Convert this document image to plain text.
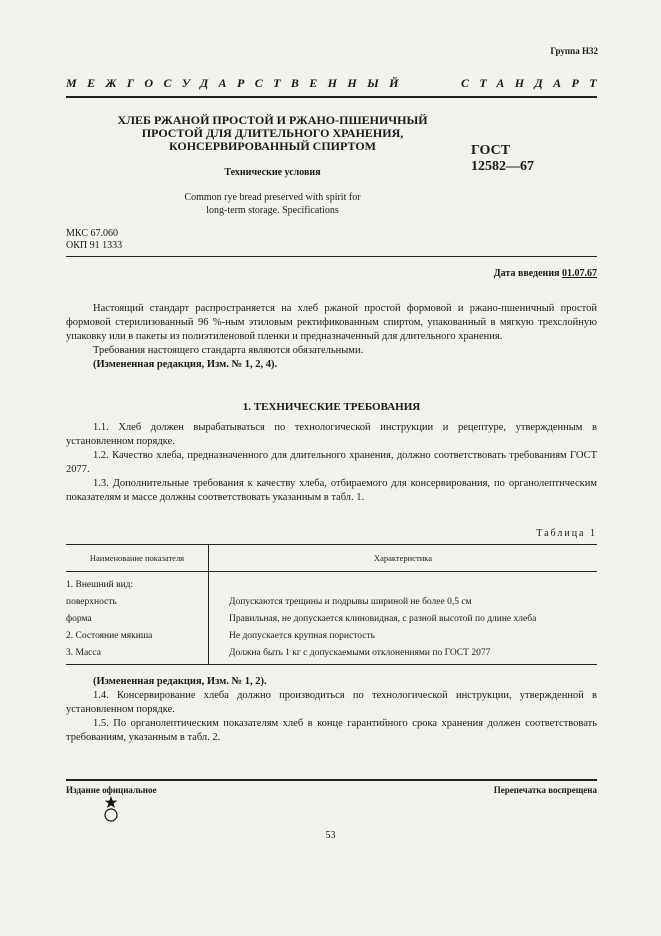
Группа Н32
МЕЖГОСУДАРСТВЕННЫЙ	СТАНДАРТ
ХЛЕБ РЖАНОЙ ПРОСТОЙ И РЖАНО-ПШЕНИЧНЫЙ
ПРОСТОЙ ДЛЯ ДЛИТЕЛЬНОГО ХРАНЕНИЯ,
КОНСЕРВИРОВАННЫЙ СПИРТОМ	ГОСТ
12582—67
Технические условия
Common rye bread preserved with spirit for
long-term storage. Specifications
МКС 67.060
ОКП 91 1333
Дата введения 01.07.67

Настоящий стандарт распространяется на хлеб ржаной простой формовой и ржано-пшеничный простой формовой стерилизованный 96 %-ным этиловым ректификованным спиртом, упакованный в мягкую трехслойную упаковку или в пакеты из полиэтиленовой пленки и предназначенный для длительного хранения.

Требования настоящего стандарта являются обязательными.

(Измененная редакция, Изм. № 1, 2, 4).

1. ТЕХНИЧЕСКИЕ ТРЕБОВАНИЯ

1.1. Хлеб должен вырабатываться по технологической инструкции и рецептуре, утвержденным в установленном порядке.

1.2. Качество хлеба, предназначенного для длительного хранения, должно соответствовать требованиям ГОСТ 2077.

1.3. Дополнительные требования к качеству хлеба, отбираемого для консервирования, по органолептическим показателям и массе должны соответствовать указанным в табл. 1.

Таблица 1
Наименование показателя	Характеристика
1. Внешний вид:	
поверхность	Допускаются трещины и подрывы шириной не более 0,5 см
форма	Правильная, не допускается клиновидная, с разной высотой по длине хлеба
2. Состояние мякиша	Не допускается крупная пористость
3. Масса	Должна быть 1 кг с допускаемыми отклонениями по ГОСТ 2077

(Измененная редакция, Изм. № 1, 2).

1.4. Консервирование хлеба должно производиться по технологической инструкции, утвержденной в установленном порядке.

1.5. По органолептическим показателям хлеб в конце гарантийного срока хранения должен соответствовать требованиям, указанным в табл. 2.

Издание официальное	Перепечатка воспрещена
53
